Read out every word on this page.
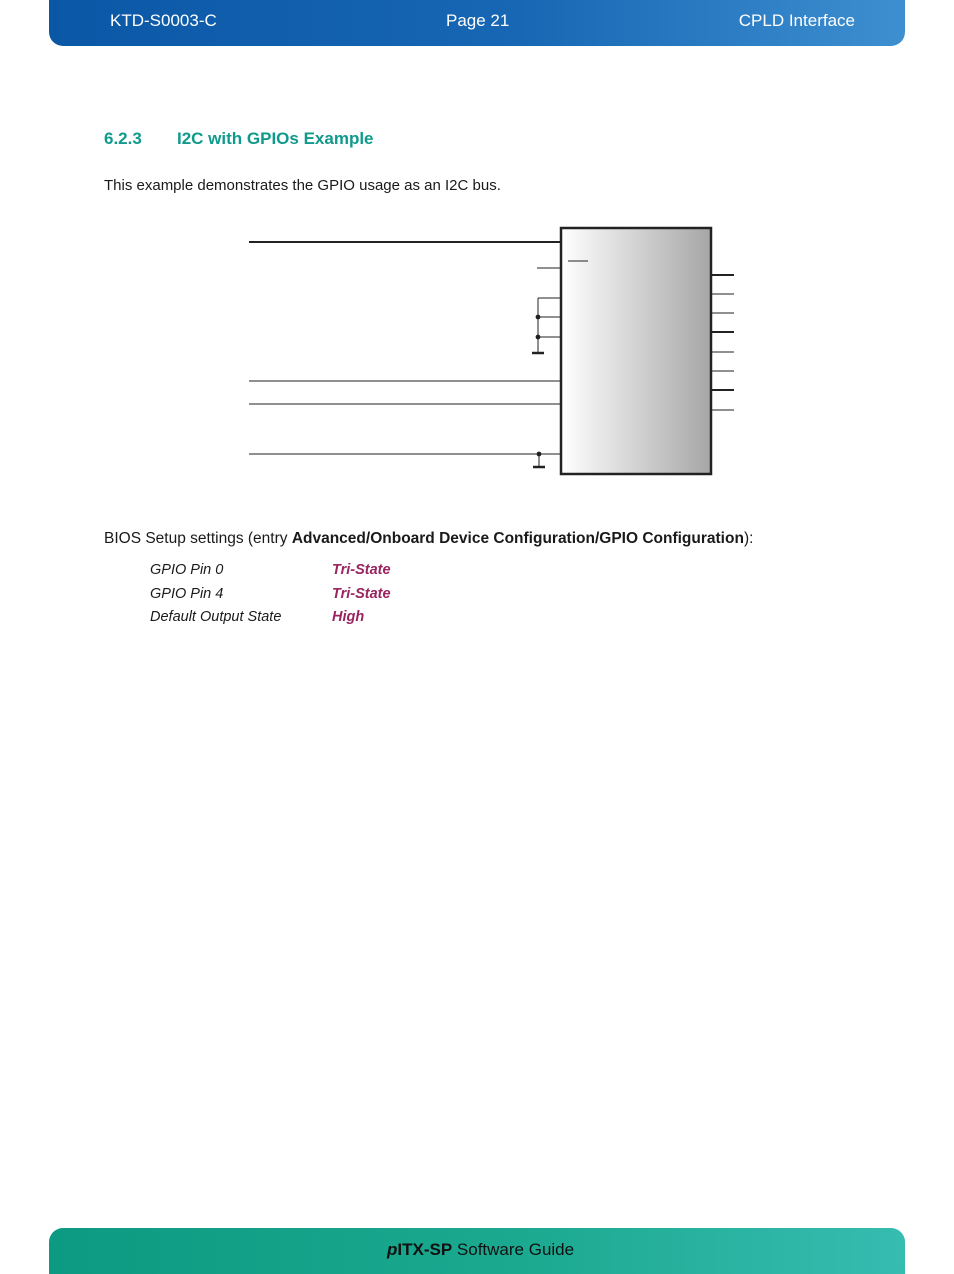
KTD-S0003-C	Page 21	CPLD Interface
6.2.3 I2C with GPIOs Example
This example demonstrates the GPIO usage as an I2C bus.
BIOS Setup settings (entry Advanced/Onboard Device Configuration/GPIO Configuration):
GPIO Pin 0	Tri-State
GPIO Pin 4	Tri-State
Default Output State	High
pITX-SP Software Guide
